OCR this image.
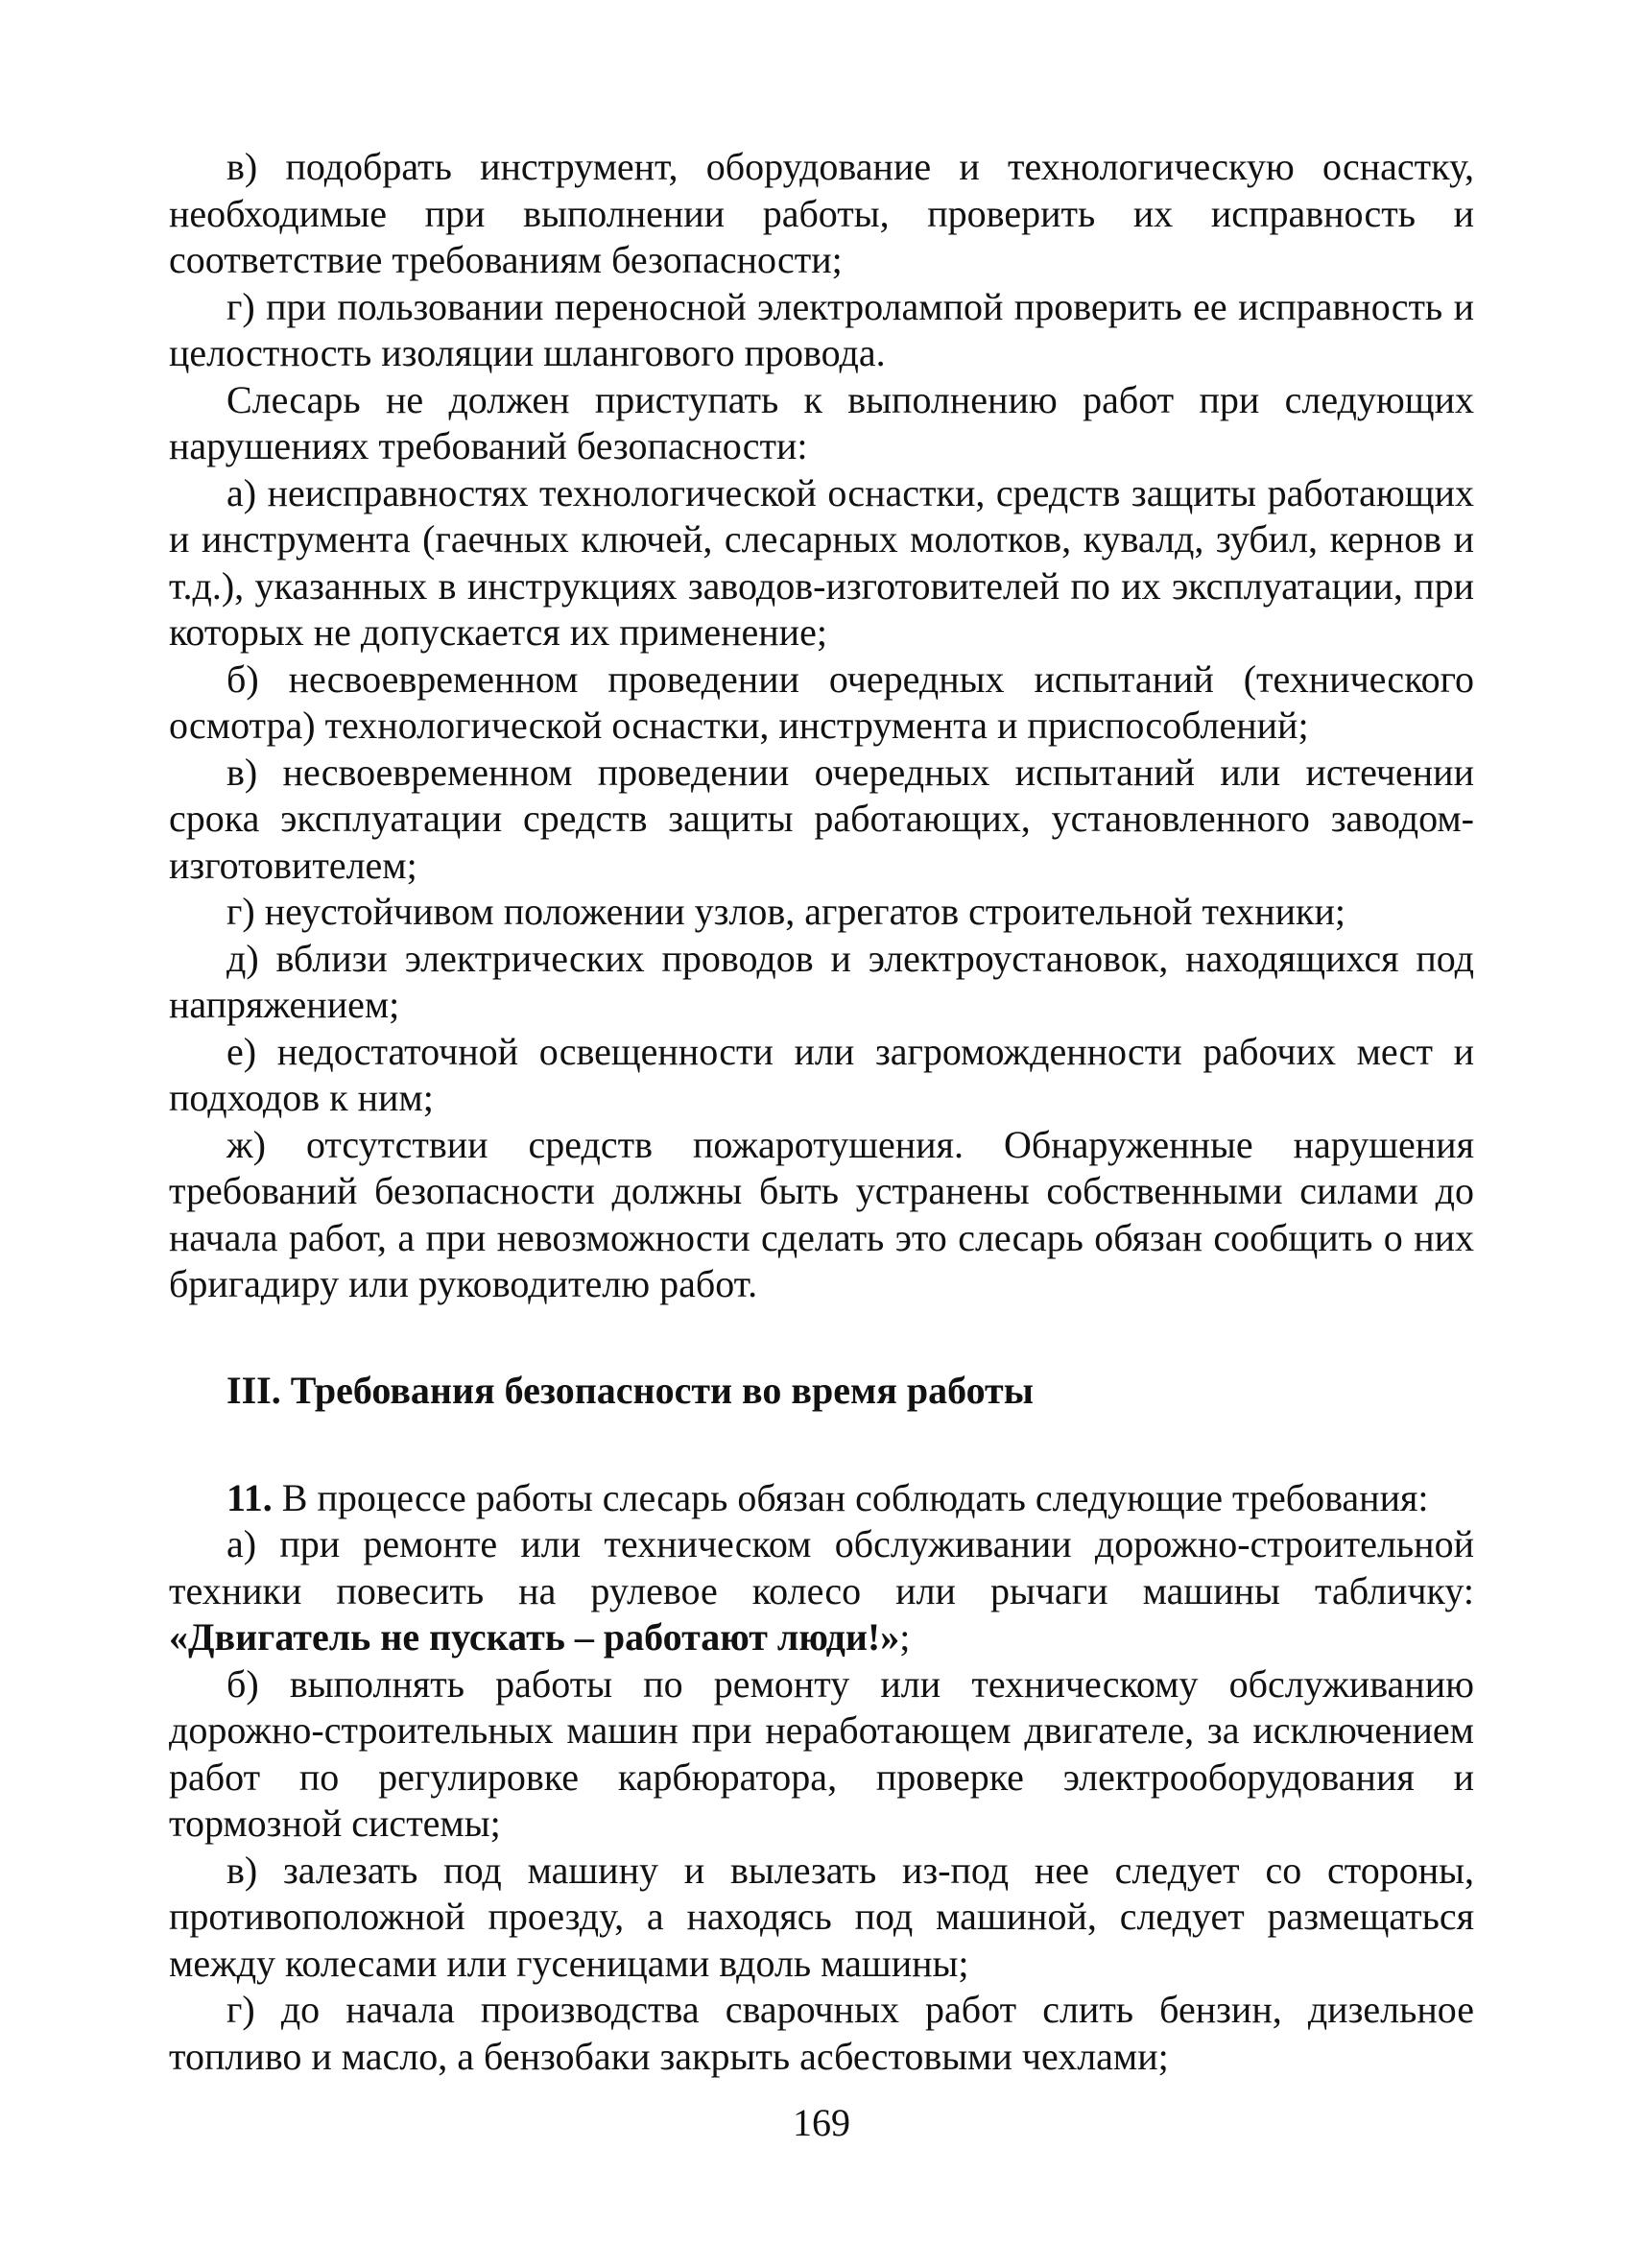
в) подобрать инструмент, оборудование и технологическую оснастку, необходимые при выполнении работы, проверить их исправность и соответствие требованиям безопасности;

г) при пользовании переносной электролампой проверить ее исправность и целостность изоляции шлангового провода.

Слесарь не должен приступать к выполнению работ при следующих нарушениях требований безопасности:

а) неисправностях технологической оснастки, средств защиты работающих и инструмента (гаечных ключей, слесарных молотков, кувалд, зубил, кернов и т.д.), указанных в инструкциях заводов-изготовителей по их эксплуатации, при которых не допускается их применение;

б) несвоевременном проведении очередных испытаний (технического осмотра) технологической оснастки, инструмента и приспособлений;

в) несвоевременном проведении очередных испытаний или истечении срока эксплуатации средств защиты работающих, установленного заводом-изготовителем;

г) неустойчивом положении узлов, агрегатов строительной техники;

д) вблизи электрических проводов и электроустановок, находящихся под напряжением;

е) недостаточной освещенности или загроможденности рабочих мест и подходов к ним;

ж) отсутствии средств пожаротушения. Обнаруженные нарушения требований безопасности должны быть устранены собственными силами до начала работ, а при невозможности сделать это слесарь обязан сообщить о них бригадиру или руководителю работ.

III. Требования безопасности во время работы

11. В процессе работы слесарь обязан соблюдать следующие требования:

а) при ремонте или техническом обслуживании дорожно-строительной техники повесить на рулевое колесо или рычаги машины табличку: «Двигатель не пускать – работают люди!»;

б) выполнять работы по ремонту или техническому обслуживанию дорожно-строительных машин при неработающем двигателе, за исключением работ по регулировке карбюратора, проверке электрооборудования и тормозной системы;

в) залезать под машину и вылезать из-под нее следует со стороны, противоположной проезду, а находясь под машиной, следует размещаться между колесами или гусеницами вдоль машины;

г) до начала производства сварочных работ слить бензин, дизельное топливо и масло, а бензобаки закрыть асбестовыми чехлами;

169
